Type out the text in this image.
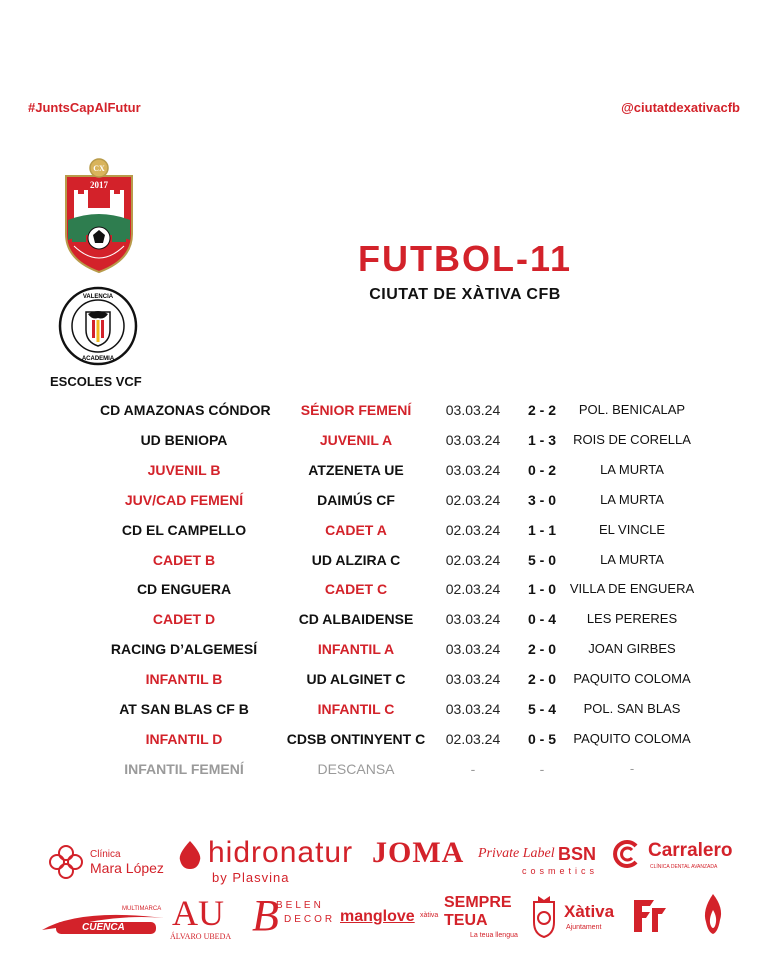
#JuntsCapAlFutur	@ciutatdexativacfb
CX
2017
VALENCIA
ACADEMIA
ESCOLES VCF
FUTBOL-11
CIUTAT DE XÀTIVA CFB
CD AMAZONAS CÓNDOR	SÉNIOR FEMENÍ	03.03.24	2 - 2	POL. BENICALAP
UD BENIOPA	JUVENIL A	03.03.24	1 - 3	ROIS DE CORELLA
JUVENIL B	ATZENETA UE	03.03.24	0 - 2	LA MURTA
JUV/CAD FEMENÍ	DAIMÚS CF	02.03.24	3 - 0	LA MURTA
CD EL CAMPELLO	CADET A	02.03.24	1 - 1	EL VINCLE
CADET B	UD ALZIRA C	02.03.24	5 - 0	LA MURTA
CD ENGUERA	CADET C	02.03.24	1 - 0	VILLA DE ENGUERA
CADET D	CD ALBAIDENSE	03.03.24	0 - 4	LES PERERES
RACING D’ALGEMESÍ	INFANTIL A	03.03.24	2 - 0	JOAN GIRBES
INFANTIL B	UD ALGINET C	03.03.24	2 - 0	PAQUITO COLOMA
AT SAN BLAS CF B	INFANTIL C	03.03.24	5 - 4	POL. SAN BLAS
INFANTIL D	CDSB ONTINYENT C	02.03.24	0 - 5	PAQUITO COLOMA
INFANTIL FEMENÍ	DESCANSA	-	-	-
Clínica
Mara López hidronatur
by Plasvina
JOMA Private Label BSN
cosmetics
Carralero
CLÍNICA DENTAL AVANZADA
MULTIMARCA
CUENCA AU
ÁLVARO UBEDA B
BELEN
DECOR manglove xàtiva
SEMPRE
TEUA
La teua llengua
Xàtiva
Ajuntament
